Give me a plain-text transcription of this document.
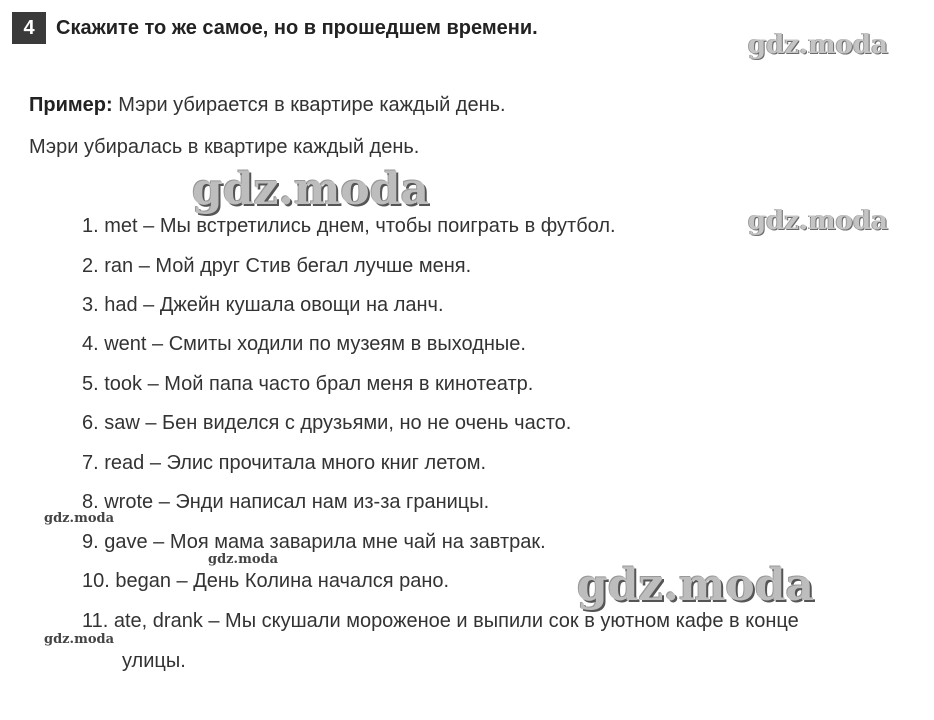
4	Скажите то же самое, но в прошедшем времени.
Пример: Мэри убирается в квартире каждый день.
Мэри убиралась в квартире каждый день.
1. met – Мы встретились днем, чтобы поиграть в футбол.
2. ran – Мой друг Стив бегал лучше меня.
3. had – Джейн кушала овощи на ланч.
4. went – Смиты ходили по музеям в выходные.
5. took – Мой папа часто брал меня в кинотеатр.
6. saw – Бен виделся с друзьями, но не очень часто.
7. read – Элис прочитала много книг летом.
8. wrote – Энди написал нам из-за границы.
9. gave – Моя мама заварила мне чай на завтрак.
10. began – День Колина начался рано.
11. ate, drank – Мы скушали мороженое и выпили сок в уютном кафе в конце
улицы.
gdz.moda
gdz.moda
gdz.moda
gdz.moda
gdz.moda
gdz.moda
gdz.moda
